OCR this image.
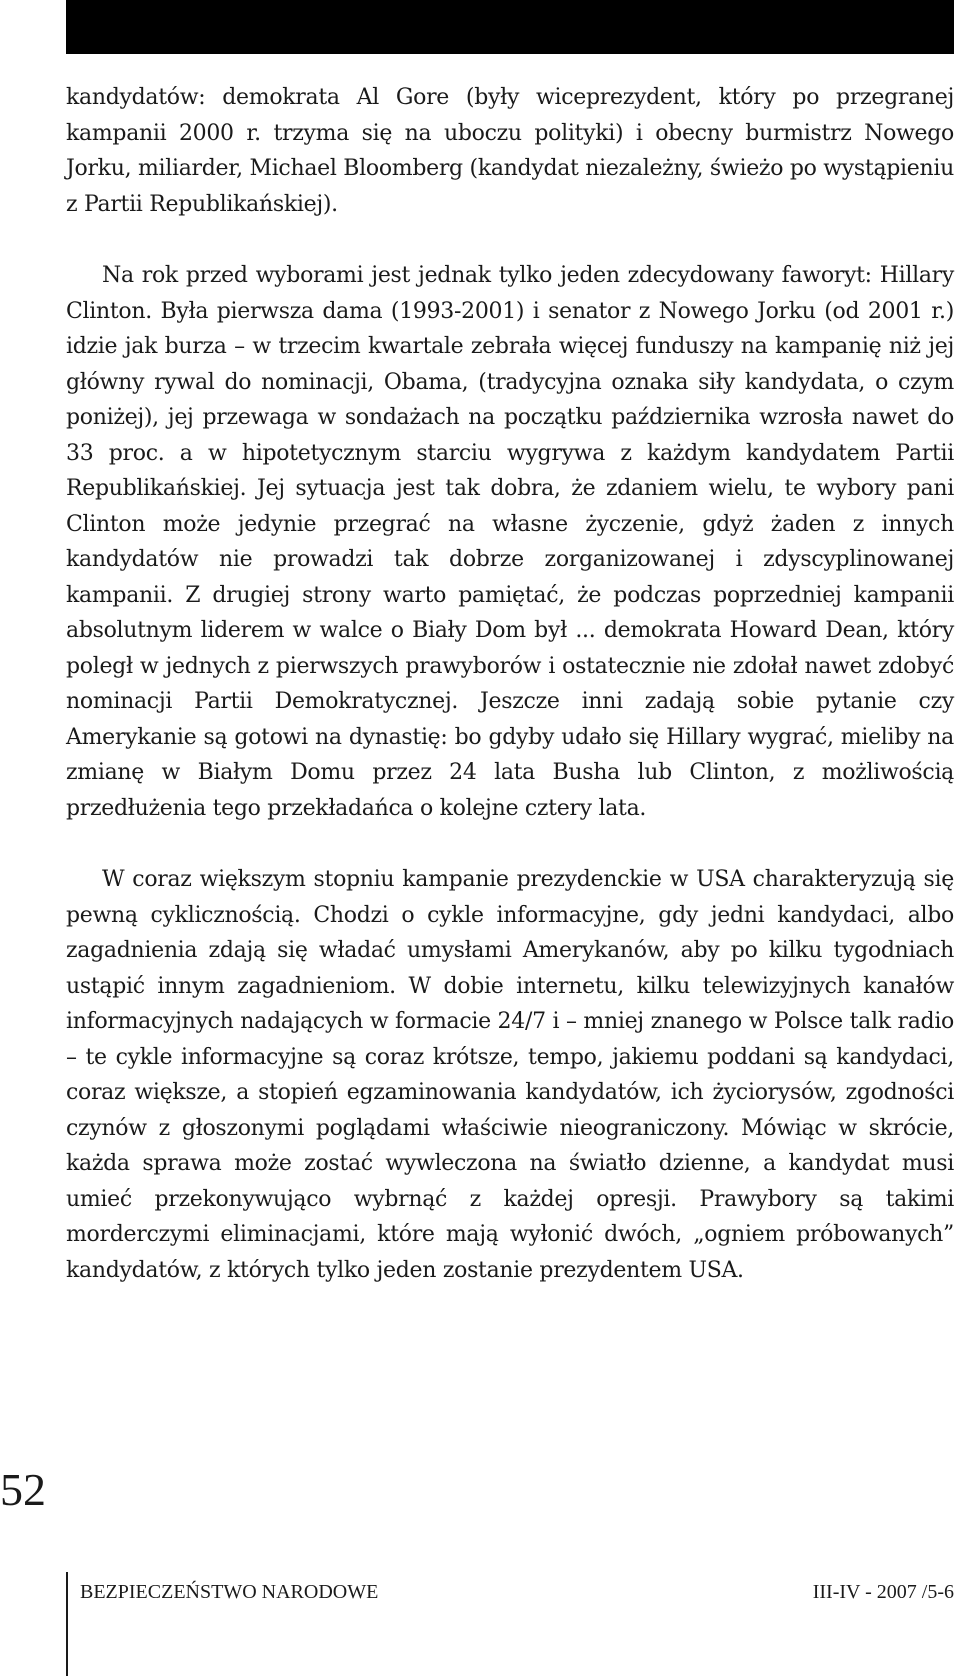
kandydatów: demokrata Al Gore (były wiceprezydent, który po przegranej kampanii 2000 r. trzyma się na uboczu polityki) i obecny burmistrz Nowego Jorku, miliarder, Michael Bloomberg (kandydat niezależny, świeżo po wystąpieniu z Partii Republikańskiej).

Na rok przed wyborami jest jednak tylko jeden zdecydowany faworyt: Hillary Clinton. Była pierwsza dama (1993-2001) i senator z Nowego Jorku (od 2001 r.) idzie jak burza – w trzecim kwartale zebrała więcej funduszy na kampanię niż jej główny rywal do nominacji, Obama, (tradycyjna oznaka siły kandydata, o czym poniżej), jej przewaga w sondażach na początku października wzrosła nawet do 33 proc. a w hipotetycznym starciu wygrywa z każdym kandydatem Partii Republikańskiej. Jej sytuacja jest tak dobra, że zdaniem wielu, te wybory pani Clinton może jedynie przegrać na własne życzenie, gdyż żaden z innych kandydatów nie prowadzi tak dobrze zorganizowanej i zdyscyplinowanej kampanii. Z drugiej strony warto pamiętać, że podczas poprzedniej kampanii absolutnym liderem w walce o Biały Dom był ... demokrata Howard Dean, który poległ w jednych z pierwszych prawyborów i ostatecznie nie zdołał nawet zdobyć nominacji Partii Demokratycznej. Jeszcze inni zadają sobie pytanie czy Amerykanie są gotowi na dynastię: bo gdyby udało się Hillary wygrać, mieliby na zmianę w Białym Domu przez 24 lata Busha lub Clinton, z możliwością przedłużenia tego przekładańca o kolejne cztery lata.

W coraz większym stopniu kampanie prezydenckie w USA charakteryzują się pewną cyklicznością. Chodzi o cykle informacyjne, gdy jedni kandydaci, albo zagadnienia zdają się władać umysłami Amerykanów, aby po kilku tygodniach ustąpić innym zagadnieniom. W dobie internetu, kilku telewizyjnych kanałów informacyjnych nadających w formacie 24/7 i – mniej znanego w Polsce talk radio – te cykle informacyjne są coraz krótsze, tempo, jakiemu poddani są kandydaci, coraz większe, a stopień egzaminowania kandydatów, ich życiorysów, zgodności czynów z głoszonymi poglądami właściwie nieograniczony. Mówiąc w skrócie, każda sprawa może zostać wywleczona na światło dzienne, a kandydat musi umieć przekonywująco wybrnąć z każdej opresji. Prawybory są takimi morderczymi eliminacjami, które mają wyłonić dwóch, „ogniem próbowanych” kandydatów, z których tylko jeden zostanie prezydentem USA.

52
BEZPIECZEŃSTWO NARODOWE	III-IV - 2007 /5-6
